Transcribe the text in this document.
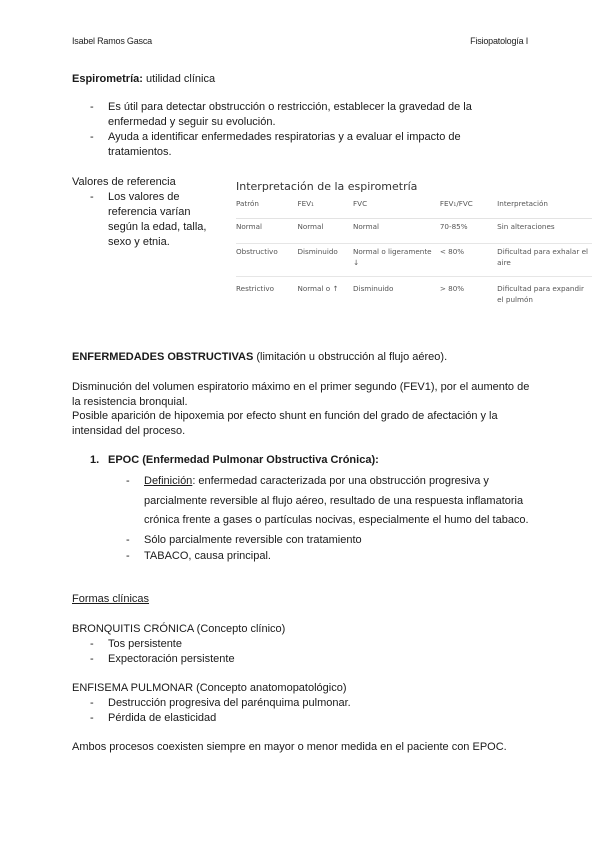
Isabel Ramos Gasca	Fisiopatología I
Espirometría: utilidad clínica
- Es útil para detectar obstrucción o restricción, establecer la gravedad de la enfermedad y seguir su evolución.
- Ayuda a identificar enfermedades respiratorias y a evaluar el impacto de tratamientos.
Valores de referencia
- Los valores de referencia varían según la edad, talla, sexo y etnia.
Interpretación de la espirometría
Patrón	FEV₁	FVC	FEV₁/FVC	Interpretación
Normal	Normal	Normal	70-85%	Sin alteraciones
Obstructivo	Disminuido	Normal o ligeramente ↓	< 80%	Dificultad para exhalar el aire
Restrictivo	Normal o ↑	Disminuido	> 80%	Dificultad para expandir el pulmón
ENFERMEDADES OBSTRUCTIVAS (limitación u obstrucción al flujo aéreo).
Disminución del volumen espiratorio máximo en el primer segundo (FEV1), por el aumento de la resistencia bronquial.
Posible aparición de hipoxemia por efecto shunt en función del grado de afectación y la intensidad del proceso.
1. EPOC (Enfermedad Pulmonar Obstructiva Crónica):
- Definición: enfermedad caracterizada por una obstrucción progresiva y parcialmente reversible al flujo aéreo, resultado de una respuesta inflamatoria crónica frente a gases o partículas nocivas, especialmente el humo del tabaco.
- Sólo parcialmente reversible con tratamiento
- TABACO, causa principal.
Formas clínicas
BRONQUITIS CRÓNICA (Concepto clínico)
- Tos persistente
- Expectoración persistente
ENFISEMA PULMONAR (Concepto anatomopatológico)
- Destrucción progresiva del parénquima pulmonar.
- Pérdida de elasticidad
Ambos procesos coexisten siempre en mayor o menor medida en el paciente con EPOC.
